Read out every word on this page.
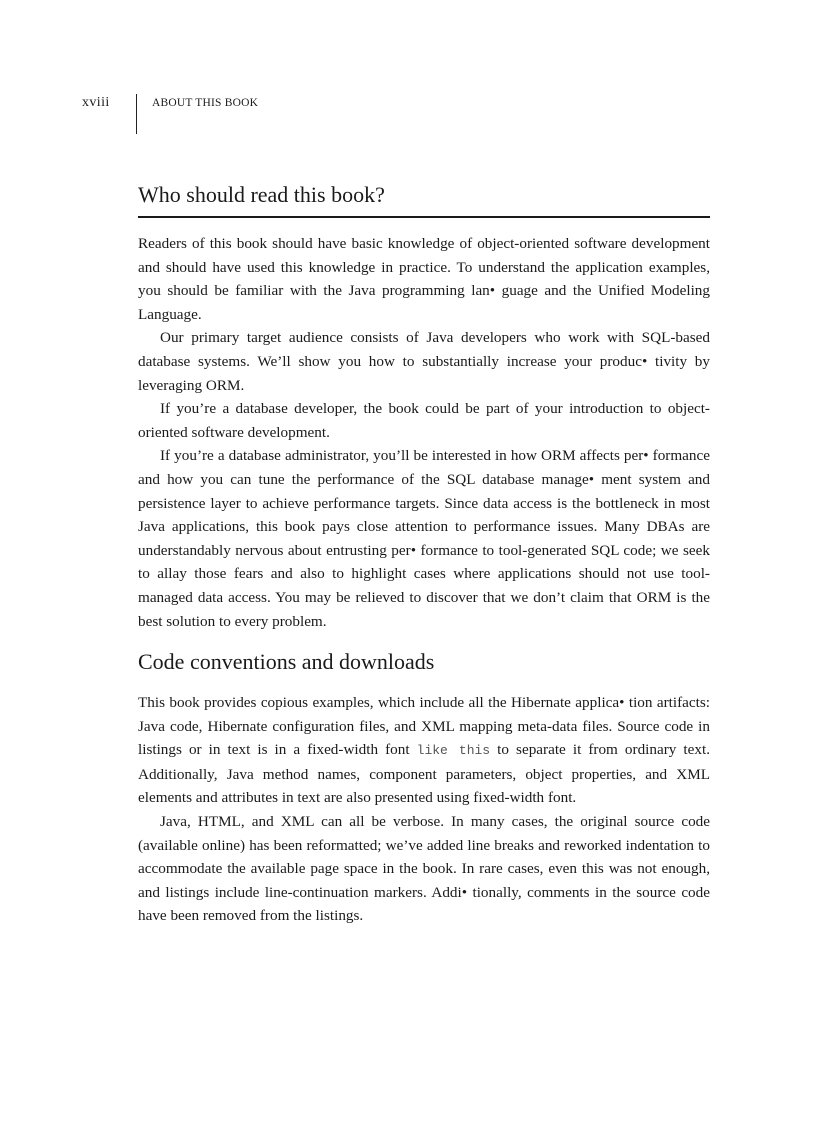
xviii	ABOUT THIS BOOK
Who should read this book?

Readers of this book should have basic knowledge of object-oriented software development and should have used this knowledge in practice. To understand the application examples, you should be familiar with the Java programming lan• guage and the Unified Modeling Language.

Our primary target audience consists of Java developers who work with SQL-based database systems. We’ll show you how to substantially increase your produc• tivity by leveraging ORM.

If you’re a database developer, the book could be part of your introduction to object-oriented software development.

If you’re a database administrator, you’ll be interested in how ORM affects per• formance and how you can tune the performance of the SQL database manage• ment system and persistence layer to achieve performance targets. Since data access is the bottleneck in most Java applications, this book pays close attention to performance issues. Many DBAs are understandably nervous about entrusting per• formance to tool-generated SQL code; we seek to allay those fears and also to highlight cases where applications should not use tool-managed data access. You may be relieved to discover that we don’t claim that ORM is the best solution to every problem.

Code conventions and downloads

This book provides copious examples, which include all the Hibernate applica• tion artifacts: Java code, Hibernate configuration files, and XML mapping meta-data files. Source code in listings or in text is in a fixed-width font like this to separate it from ordinary text. Additionally, Java method names, component parameters, object properties, and XML elements and attributes in text are also presented using fixed-width font.

Java, HTML, and XML can all be verbose. In many cases, the original source code (available online) has been reformatted; we’ve added line breaks and reworked indentation to accommodate the available page space in the book. In rare cases, even this was not enough, and listings include line-continuation markers. Addi• tionally, comments in the source code have been removed from the listings.
